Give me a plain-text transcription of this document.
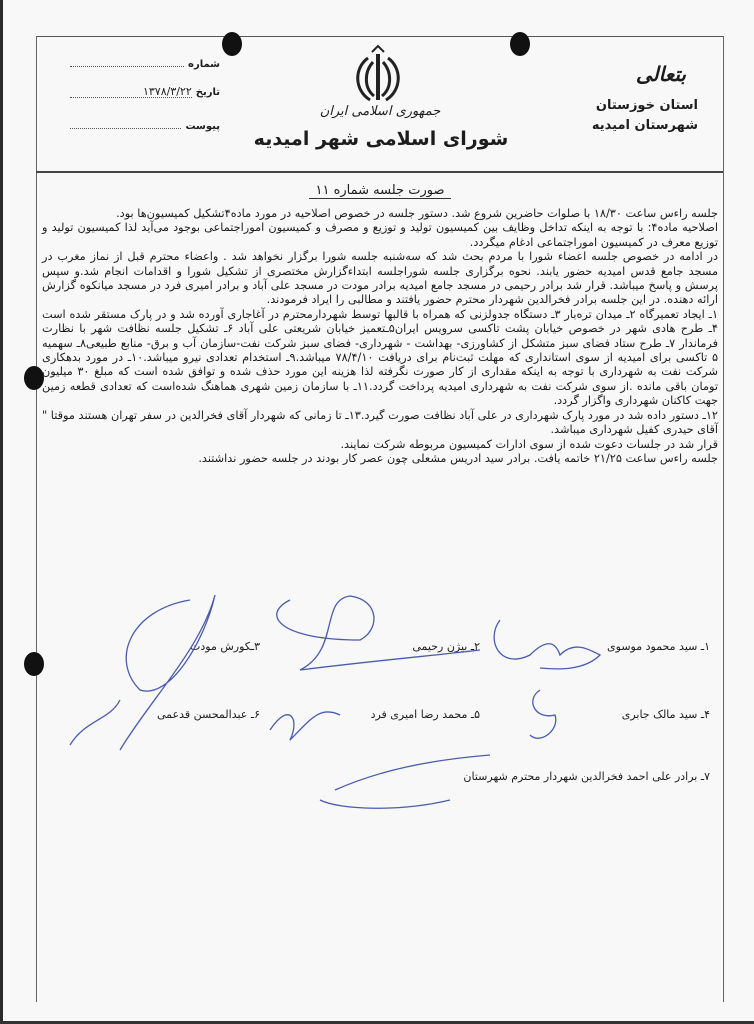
بتعالی
استان خوزستان
شهرستان امیدیه
جمهوری اسلامی ایران
شورای اسلامی شهر امیدیه
شماره
تاریخ
۱۳۷۸/۳/۲۲
پیوست
صورت جلسه شماره ۱۱

جلسه راءس ساعت ۱۸/۳۰ با صلوات حاضرین شروع شد. دستور جلسه در خصوص اصلاحیه در مورد ماده۴تشکیل کمیسیون‌ها بود.

اصلاحیه ماده۴: با توجه به اینکه تداخل وظایف بین کمیسیون تولید و توزیع و مصرف و کمیسیون اموراجتماعی بوجود می‌آید لذا کمیسیون تولید و توزیع معرف در کمیسیون اموراجتماعی ادغام میگردد.

در ادامه در خصوص جلسه اعضاء شورا با مردم بحث شد که سه‌شنبه جلسه شورا برگزار نخواهد شد . واعضاء محترم قبل از نماز مغرب در مسجد جامع قدس امیدیه حضور یابند. نحوه برگزاری جلسه شوراجلسه ابتداءگزارش مختصری از تشکیل شورا و اقدامات انجام شد.و سپس پرسش و پاسخ میباشد. قرار شد برادر رحیمی در مسجد جامع امیدیه برادر مودت در مسجد علی آباد و برادر امیری فرد در مسجد میانکوه گزارش ارائه دهنده. در این جلسه برادر فخرالدین شهردار محترم حضور یافتند و مطالبی را ایراد فرمودند.

۱ـ ایجاد تعمیرگاه ۲ـ میدان تره‌بار ۳ـ دستگاه جدولزنی که همراه با قالبها توسط شهردارمحترم در آغاجاری آورده شد و در پارک مستقر شده است ۴ـ طرح هادی شهر در خصوص خیابان پشت تاکسی سرویس ایران۵ـتعمیز خیابان شریعتی علی آباد ۶ـ تشکیل جلسه نظافت شهر با نظارت فرماندار ۷ـ طرح ستاد فضای سبز متشکل از کشاورزی- بهداشت - شهرداری- فضای سبز شرکت نفت-سازمان آب و برق- منابع طبیعی۸ـ سهمیه ۵ تاکسی برای امیدیه از سوی استانداری که مهلت ثبت‌نام برای دریافت ۷۸/۴/۱۰ میباشد.۹ـ استخدام تعدادی نیرو میباشد.۱۰ـ در مورد بدهکاری شرکت نفت به شهرداری با توجه به اینکه مقداری از کار صورت نگرفته لذا هزینه این مورد حذف شده و توافق شده است که مبلغ ۳۰ میلیون تومان باقی مانده .از سوی شرکت نفت به شهرداری امیدیه پرداخت گردد.۱۱ـ با سازمان زمین شهری هماهنگ شده‌است که تعدادی قطعه زمین جهت کاکنان شهرداری واگزار گردد.

۱۲ـ دستور داده شد در مورد پارک شهرداری در علی آباد نظافت صورت گیرد.۱۳ـ تا زمانی که شهردار آقای فخرالدین در سفر تهران هستند موقتا " آقای حیدری کفیل شهرداری میباشد.

قرار شد در جلسات دعوت شده از سوی ادارات کمیسیون مربوطه شرکت نمایند.

جلسه راءس ساعت ۲۱/۲۵ خاتمه یافت. برادر سید ادریس مشعلی چون عصر کار بودند در جلسه حضور نداشتند.

۱ـ سید محمود موسوی
۲ـ بیژن رحیمی
۳ـکورش مودت
۴ـ سید مالک جابری
۵ـ محمد رضا امیری فرد
۶ـ عبدالمحسن قدعمی
۷ـ برادر علی احمد فخرالدین شهردار محترم شهرستان
